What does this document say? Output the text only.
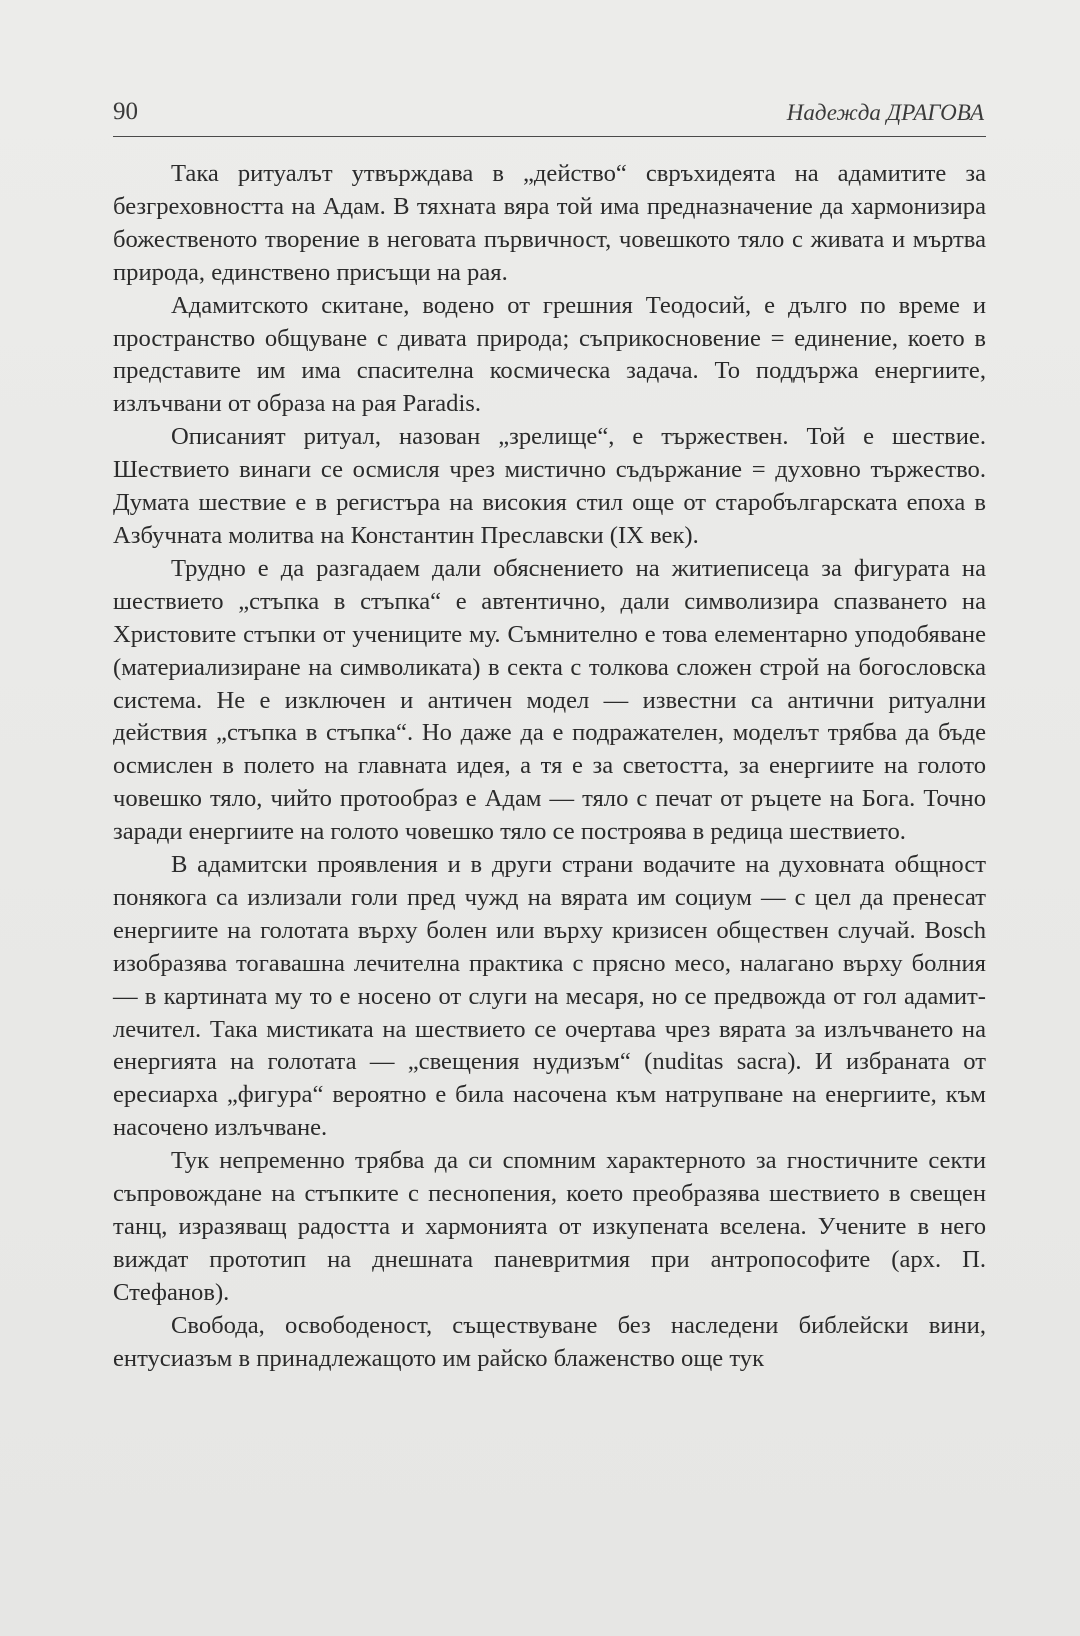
90	Надежда ДРАГОВА

Така ритуалът утвърждава в „действо“ свръхидеята на адамитите за безгреховността на Адам. В тяхната вяра той има предназначение да хармонизира божественото творение в неговата първичност, човешкото тяло с живата и мъртва природа, единствено присъщи на рая.

Адамитското скитане, водено от грешния Теодосий, е дълго по време и пространство общуване с дивата природа; съприкосновение = единение, което в представите им има спасителна космическа задача. То поддържа енергиите, излъчвани от образа на рая Paradis.

Описаният ритуал, назован „зрелище“, е тържествен. Той е шествие. Шествието винаги се осмисля чрез мистично съдържание = духовно тържество. Думата шествие е в регистъра на високия стил още от старобългарската епоха в Азбучната молитва на Константин Преславски (IX век).

Трудно е да разгадаем дали обяснението на житиеписеца за фигурата на шествието „стъпка в стъпка“ е автентично, дали символизира спазването на Христовите стъпки от учениците му. Съмнително е това елементарно уподобяване (материализиране на символиката) в секта с толкова сложен строй на богословска система. Не е изключен и античен модел — известни са антични ритуални действия „стъпка в стъпка“. Но даже да е подражателен, моделът трябва да бъде осмислен в полето на главната идея, а тя е за светостта, за енергиите на голото човешко тяло, чийто протообраз е Адам — тяло с печат от ръцете на Бога. Точно заради енергиите на голото човешко тяло се построява в редица шествието.

В адамитски проявления и в други страни водачите на духовната общност понякога са излизали голи пред чужд на вярата им социум — с цел да пренесат енергиите на голотата върху болен или върху кризисен обществен случай. Bosch изобразява тогавашна лечителна практика с прясно месо, налагано върху болния — в картината му то е носено от слуги на месаря, но се предвожда от гол адамит-лечител. Така мистиката на шествието се очертава чрез вярата за излъчването на енергията на голотата — „свещения нудизъм“ (nuditas sacra). И избраната от ересиарха „фигура“ вероятно е била насочена към натрупване на енергиите, към насочено излъчване.

Тук непременно трябва да си спомним характерното за гностичните секти съпровождане на стъпките с песнопения, което преобразява шествието в свещен танц, изразяващ радостта и хармонията от изкупената вселена. Учените в него виждат прототип на днешната паневритмия при антропософите (арх. П. Стефанов).

Свобода, освободеност, съществуване без наследени библейски вини, ентусиазъм в принадлежащото им райско блаженство още тук
